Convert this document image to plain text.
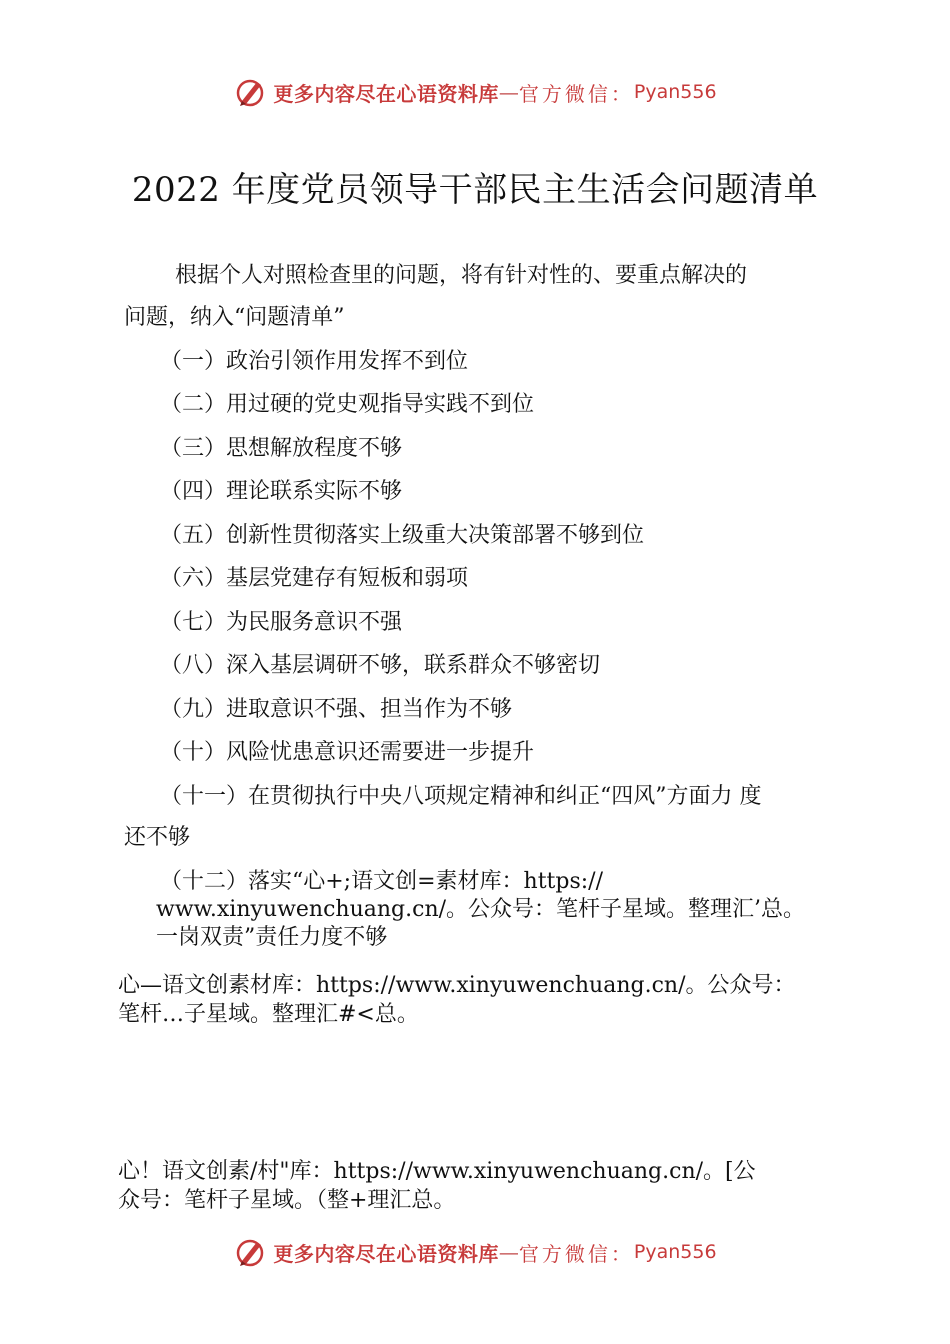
更多内容尽在心语资料库 — 官方微信： Pyan556
2022 年度党员领导干部民主生活会问题清单
根据个人对照检查里的问题，将有针对性的、要重点解决的
问题，纳入“问题清单”
（一）政治引领作用发挥不到位
（二）用过硬的党史观指导实践不到位
（三）思想解放程度不够
（四）理论联系实际不够
（五）创新性贯彻落实上级重大决策部署不够到位
（六）基层党建存有短板和弱项
（七）为民服务意识不强
（八）深入基层调研不够，联系群众不够密切
（九）进取意识不强、担当作为不够
（十）风险忧患意识还需要进一步提升
（十一）在贯彻执行中央八项规定精神和纠正“四风”方面力 度
还不够
（十二）落实“心+;语文创=素材库：https://
www.xinyuwenchuang.cn/。公众号：笔杆子星域。整理汇’总。
一岗双责”责任力度不够
心—语文创素材库：https://www.xinyuwenchuang.cn/。公众号：
笔杆…子星域。整理汇#<总。
心！语文创素/村"库：https://www.xinyuwenchuang.cn/。[公
众号：笔杆子星域。（整+理汇总。
更多内容尽在心语资料库 — 官方微信： Pyan556
